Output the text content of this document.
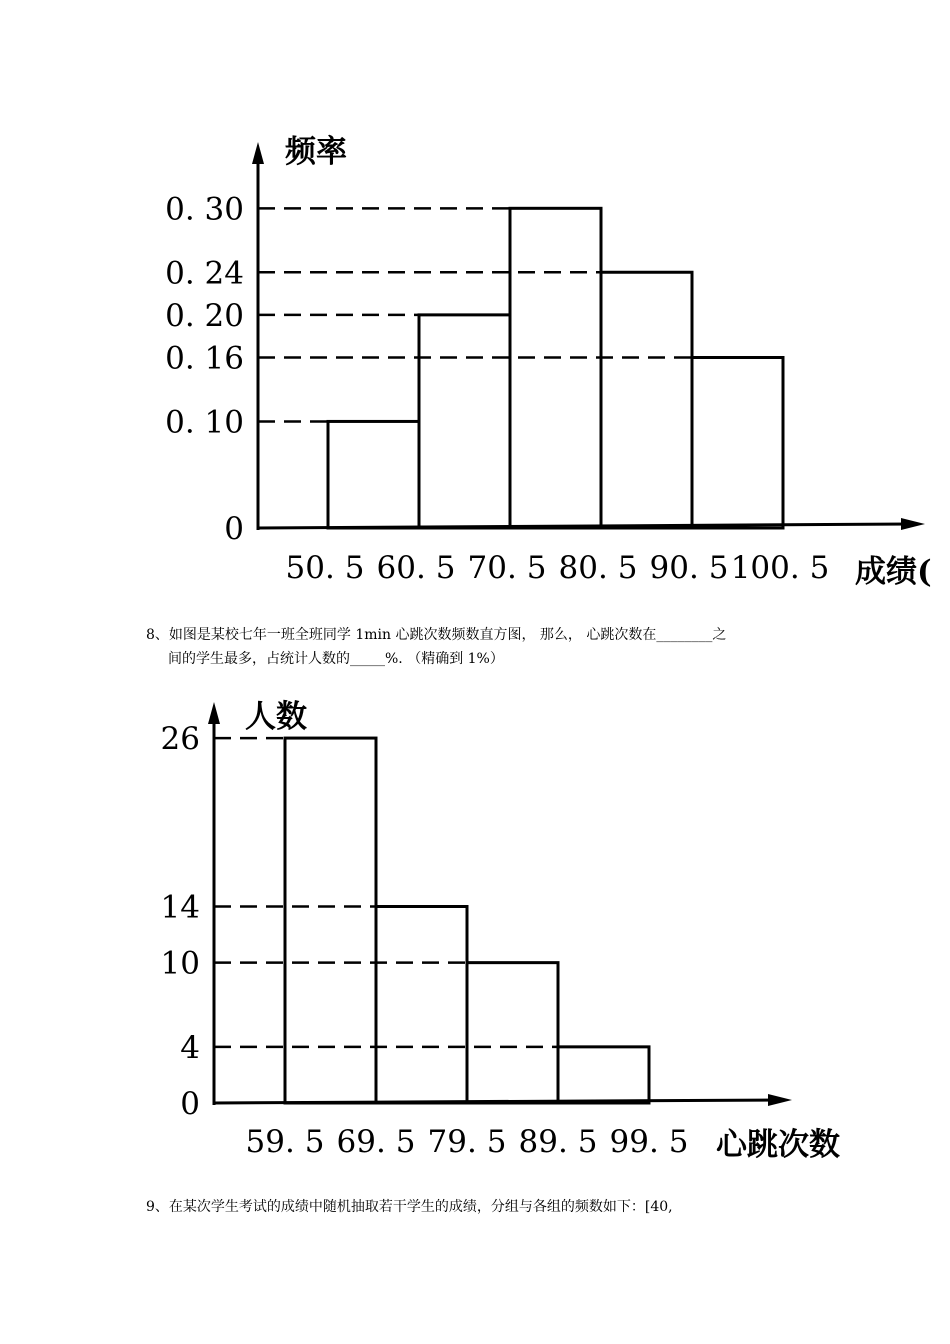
0
0. 10
0. 16
0. 20
0. 24
0. 30
50. 5 60. 5 70. 5 80. 5 90. 5 100. 5
频率
成绩(
8、如图是某校七年一班全班同学 1min 心跳次数频数直方图， 那么， 心跳次数在________之
间的学生最多，占统计人数的_____%. （精确到 1%）
0
4
10
14
26
59. 5 69. 5 79. 5 89. 5 99. 5
人数
心跳次数
9、在某次学生考试的成绩中随机抽取若干学生的成绩，分组与各组的频数如下：[40,
